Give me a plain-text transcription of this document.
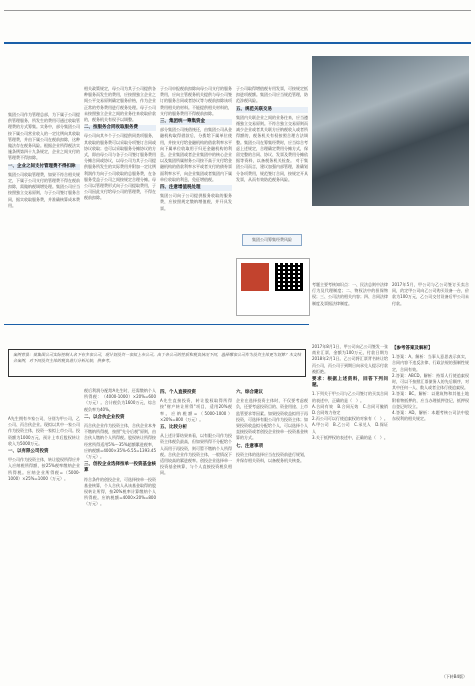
集团公司作为管理总部，为下属子公司提供管理服务，所发生的费用可通过收取管理费的方式筹集。实务中，部分集团公司按下属公司营业收入的一定比例向其收取管理费，并由下属公司在税前扣除，这种做法存在税务风险。根据企业所得税法实施条例第四十九条规定，企业之间支付的管理费不得扣除。
一、企业之间支付管理费不得扣除
集团公司收取管理费，如果不符合相关规定，下属子公司支付的管理费不得在税前扣除，需做纳税调增处理。集团公司应当按照独立交易原则，与子公司签订服务合同，据实收取服务费，并准确核算成本费用。
相关政策规定，母公司为其子公司提供各种服务而发生的费用，应按照独立企业之间公平交易原则确定服务价格，作为企业正常的劳务费用进行税务处理。母子公司未按照独立企业之间的业务往来收取价款的，税务机关有权予以调整。
二、按服务合同收取服务费
母公司向其多个子公司提供同类项服务，其收取的服务费可以采取分项签订合同或协议收取；也可以采取服务分摊协议的方式，即由母公司与各子公司签订服务费用分摊合同或协议，以母公司为其子公司提供服务所发生的实际费用并附加一定比例利润作为向子公司收取的总服务费，在各服务受益子公司之间按规定合理分摊。母公司以管理费形式向子公司提取费用，子公司因此支付给母公司的管理费，不得在税前扣除。
子公司申报税前扣除向母公司支付的服务费用，应向主管税务机关提供与母公司签订的服务合同或者协议等与税前扣除该项费用相关的材料。不能提供相关材料的，支付的服务费用不得税前扣除。
三、集团统一筹集资金
部分集团公司统借统还，由集团公司从金融机构取得借款后，分拨给下属单位使用，并按支付给金融机构的借款利率水平向下属单位收取用于归还金融机构的利息。企业集团或者企业集团中的核心企业以及集团所属财务公司按不高于支付给金融机构的借款利率水平或者支付的债券票面利率水平，向企业集团或者集团内下属单位收取的利息，免征增值税。
四、注意增值税处理
集团公司向子公司提供服务收取的服务费，应按照规定缴纳增值税，并开具发票。
子公司取得增值税专用发票，可按规定抵扣进项税额。集团公司应当规范管理，防范涉税风险。
五、规范关联交易
集团内关联企业之间的业务往来，应当遵循独立交易原则。不符合独立交易原则而减少企业或者其关联方应纳税收入或者所得额的，税务机关有权按照合理方法调整。集团公司在筹集经费时，应当综合考虑上述规定，合理确定费用分摊方式，保留完整的合同、协议、发票及费用分摊依据等资料，以备税务机关检查。
集团公司筹集经费风险
对于集团公司而言，建议加强内部管理，准确划分各项费用，规范签订合同，按规定开具发票，从而有效防范税务风险。
考题主要考核知识点：一、民法总则中法律行为及代理制度；二、物权法中的担保物权；三、公司法的相关内容；四、合同法律制度及票据法律制度。
2017年5月，甲公司与乙公司签订买卖合同，约定甲公司向乙公司购买设备一台，价款为100万元，乙公司交付设备后甲公司未付款。
案例背景：某集团公司实际控制人名下有多家公司，现计划投资一家拟上市公司。由于各公司的性质和税负情况不同，选择哪家公司作为投资主体更为划算？本文结合案例，对不同投资主体的税负进行分析比较，供参考。
A先生拥有多家公司，分别为甲公司、乙公司、丙合伙企业。现拟以其中一家公司作为投资主体，投资一家拟上市公司。投资额为1000万元，预计上市后股权转让收入为5000万元。
一、以有限公司投资
甲公司作为投资主体，转让股权所得应并入应纳税所得额，按25%税率缴纳企业所得税。应纳企业所得税=（5000-1000）×25%=1000（万元）。
税后利润分配给A先生时，还需缴纳个人所得税：（4000-1000）×20%=600（万元）。合计税负为1600万元，综合税负率为40%。
二、以合伙企业投资
丙合伙企业作为投资主体，合伙企业本身不缴纳所得税，按照"先分后税"原则，由合伙人缴纳个人所得税。股权转让所得按经营所得适用5%～35%超额累进税率，应纳税额=4000×35%-6.55=1393.45（万元）。
三、创投企业选择按单一投资基金核算
符合条件的创投企业，可选择按单一投资基金核算，个人合伙人从该基金取得的股权转让所得，按20%税率计算缴纳个人所得税。应纳税额=4000×20%=800（万元）。
四、个人直接投资
A先生直接投资，转让股权取得所得按"财产转让所得"项目，适用20%税率。应纳税额=（5000-1000）×20%=800（万元）。
五、比较分析
从上述计算结果来看，以有限公司作为投资主体税负最高，但如果所得不分配给个人而用于再投资，则可暂不缴纳个人所得税。合伙企业作为投资主体，一般情况下适用较高的累进税率。创投企业选择单一投资基金核算，与个人直接投资税负相同。
六、综合建议
企业在选择投资主体时，不仅要考虑税负，还要考虑投资目的、资金用途、上市监管要求等因素。如果投资收益拟用于再投资，可选择有限公司作为投资主体；如果投资收益拟分配给个人，可以选择个人直接投资或者创投企业按单一投资基金核算的方式。
七、注意事项
投资主体的选择应当在投资前进行规划，并保存相关资料，以备税务机关核查。
2017年8月1日，甲公司向乙公司签发一张商业汇票，金额为100万元，付款日期为2018年2月1日。乙公司将汇票背书转让给丙公司，丙公司于到期日向承兑人提示付款被拒绝。
要求：根据上述资料，回答下列问题。
1.下列关于甲公司与乙公司签订的买卖合同的表述中，正确的是（　）。
A.合同有效　B.合同无效　C.合同可撤销　D.合同效力待定
2.丙公司可以行使追索权的对象有（　）。
A.甲公司　B.乙公司　C.承兑人　D.保证人
3.关于抵押权的表述中，正确的是（　）。
【参考答案及解析】
1.答案：A。解析：当事人意思表示真实，合同内容不违反法律、行政法规的强制性规定，合同有效。
2.答案：ABCD。解析：持票人行使追索权时，可以不按照汇票债务人的先后顺序，对其中任何一人、数人或者全体行使追索权。
3.答案：BC。解析：以建筑物和其他土地附着物抵押的，应当办理抵押登记，抵押权自登记时设立。
4.答案：AD。解析：本题考核公司法中股东权利的相关规定。
（下转B4版）
